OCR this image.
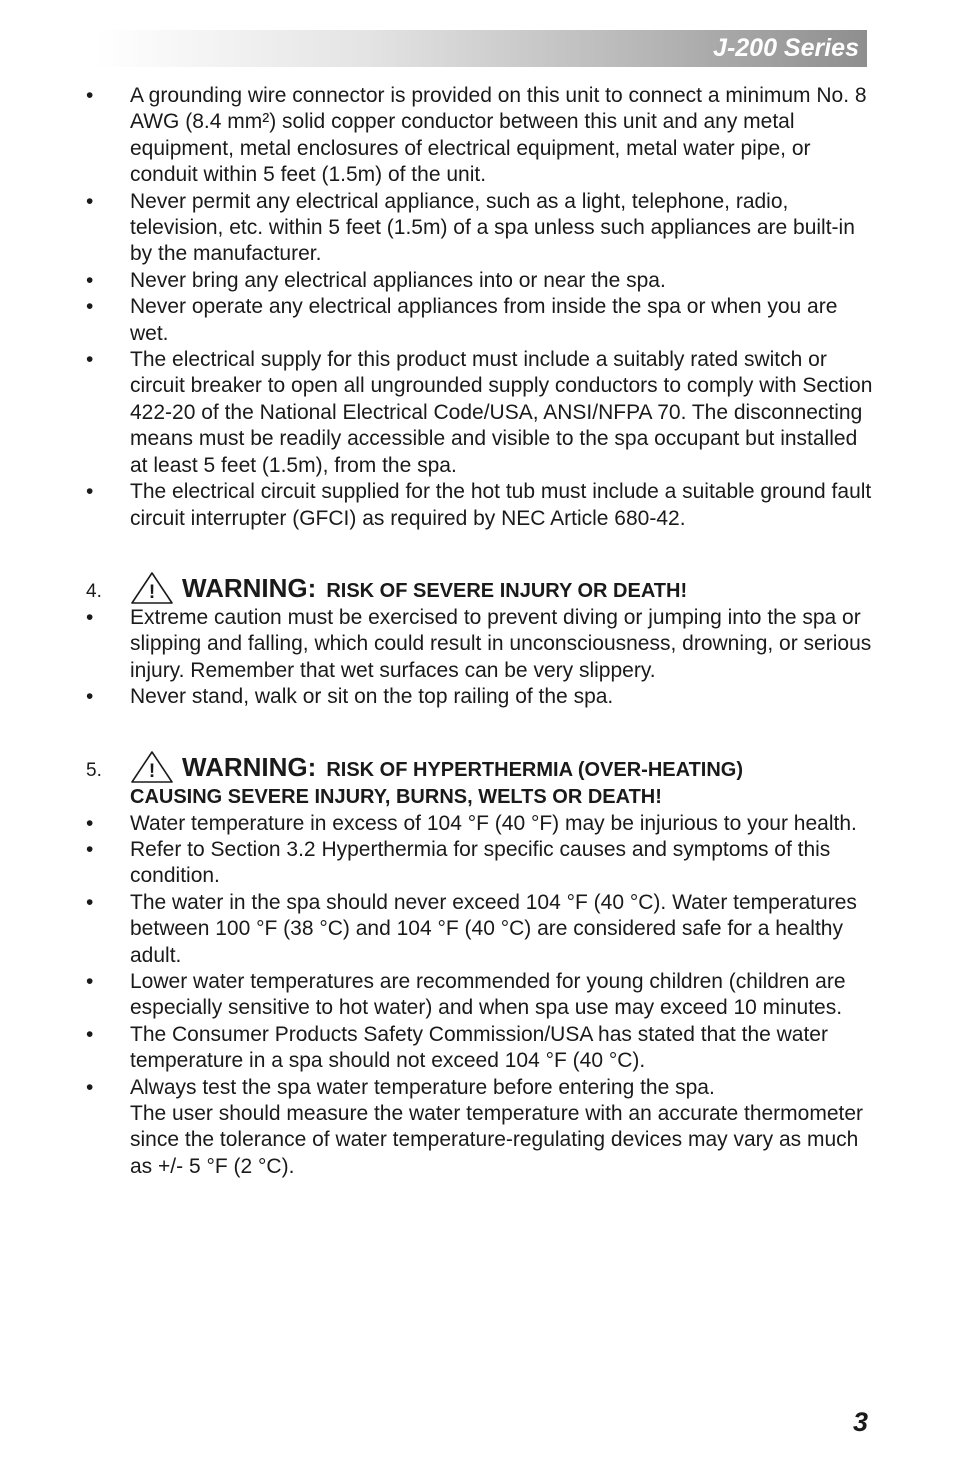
J-200 Series
•	A grounding wire connector is provided on this unit to connect a minimum No. 8 AWG (8.4 mm²) solid copper conductor between this unit and any metal equipment, metal enclosures of electrical equipment, metal water pipe, or conduit within 5 feet (1.5m) of the unit.
•	Never permit any electrical appliance, such as a light, telephone, radio, television, etc. within 5 feet (1.5m) of a spa unless such appliances are built-in by the manufacturer.
•	Never bring any electrical appliances into or near the spa.
•	Never operate any electrical appliances from inside the spa or when you are wet.
•	The electrical supply for this product must include a suitably rated switch or circuit breaker to open all ungrounded supply conductors to comply with Section 422-20 of the National Electrical Code/USA, ANSI/NFPA 70. The disconnecting means must be readily accessible and visible to the spa occupant but installed at least 5 feet (1.5m), from the spa.
•	The electrical circuit supplied for the hot tub must include a suitable ground fault circuit interrupter (GFCI) as required by NEC Article 680-42.
4.	! WARNING: RISK OF SEVERE INJURY OR DEATH!
•	Extreme caution must be exercised to prevent diving or jumping into the spa or slipping and falling, which could result in unconsciousness, drowning, or serious injury. Remember that wet surfaces can be very slippery.
•	Never stand, walk or sit on the top railing of the spa.
5.	! WARNING: RISK OF HYPERTHERMIA (OVER-HEATING)
CAUSING SEVERE INJURY, BURNS, WELTS OR DEATH!
•	Water temperature in excess of 104 °F (40 °F) may be injurious to your health.
•	Refer to Section 3.2 Hyperthermia for specific causes and symptoms of this condition.
•	The water in the spa should never exceed 104 °F (40 °C). Water temperatures between 100 °F (38 °C) and 104 °F (40 °C) are considered safe for a healthy adult.
•	Lower water temperatures are recommended for young children (children are especially sensitive to hot water) and when spa use may exceed 10 minutes.
•	The Consumer Products Safety Commission/USA has stated that the water temperature in a spa should not exceed 104 °F (40 °C).
•	Always test the spa water temperature before entering the spa.
The user should measure the water temperature with an accurate thermometer since the tolerance of water temperature-regulating devices may vary as much as +/- 5 °F (2 °C).
3
